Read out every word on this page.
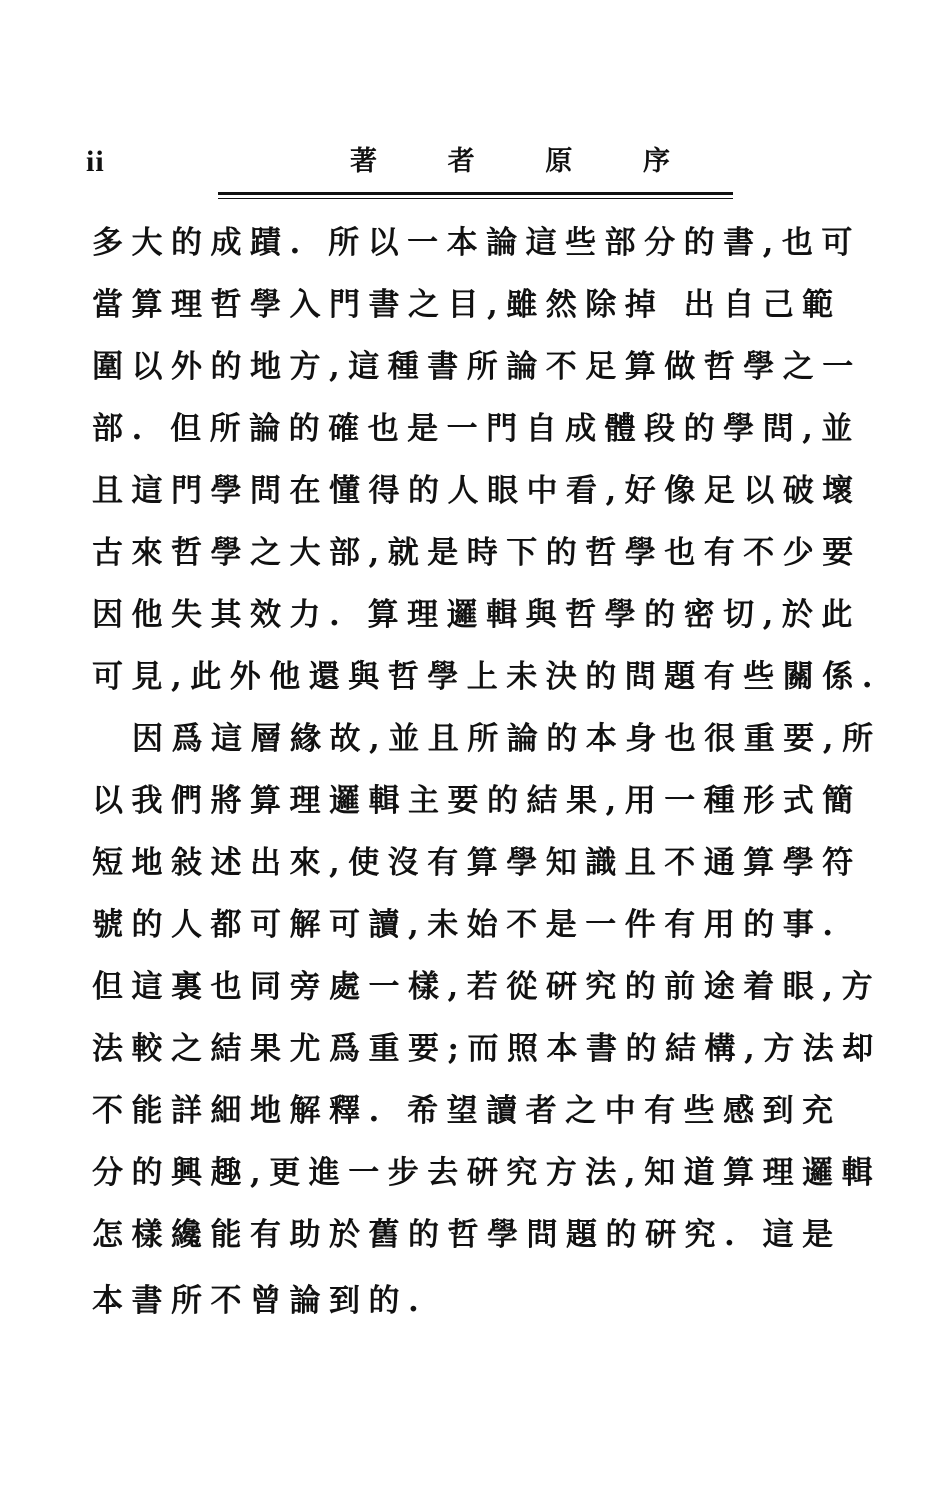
ii	著	者	原	序
多大的成蹟. 所以一本論這些部分的書,也可
當算理哲學入門書之目,雖然除掉 出自己範
圍以外的地方,這種書所論不足算做哲學之一
部. 但所論的確也是一門自成體段的學問,並
且這門學問在懂得的人眼中看,好像足以破壞
古來哲學之大部,就是時下的哲學也有不少要
因他失其效力. 算理邏輯與哲學的密切,於此
可見,此外他還與哲學上未決的問題有些關係.
因爲這層緣故,並且所論的本身也很重要,所
以我們將算理邏輯主要的結果,用一種形式簡
短地敍述出來,使沒有算學知識且不通算學符
號的人都可解可讀,未始不是一件有用的事.
但這裏也同旁處一樣,若從硏究的前途着眼,方
法較之結果尤爲重要;而照本書的結構,方法却
不能詳細地解釋. 希望讀者之中有些感到充
分的興趣,更進一步去硏究方法,知道算理邏輯
怎樣纔能有助於舊的哲學問題的硏究. 這是
本書所不曾論到的.
